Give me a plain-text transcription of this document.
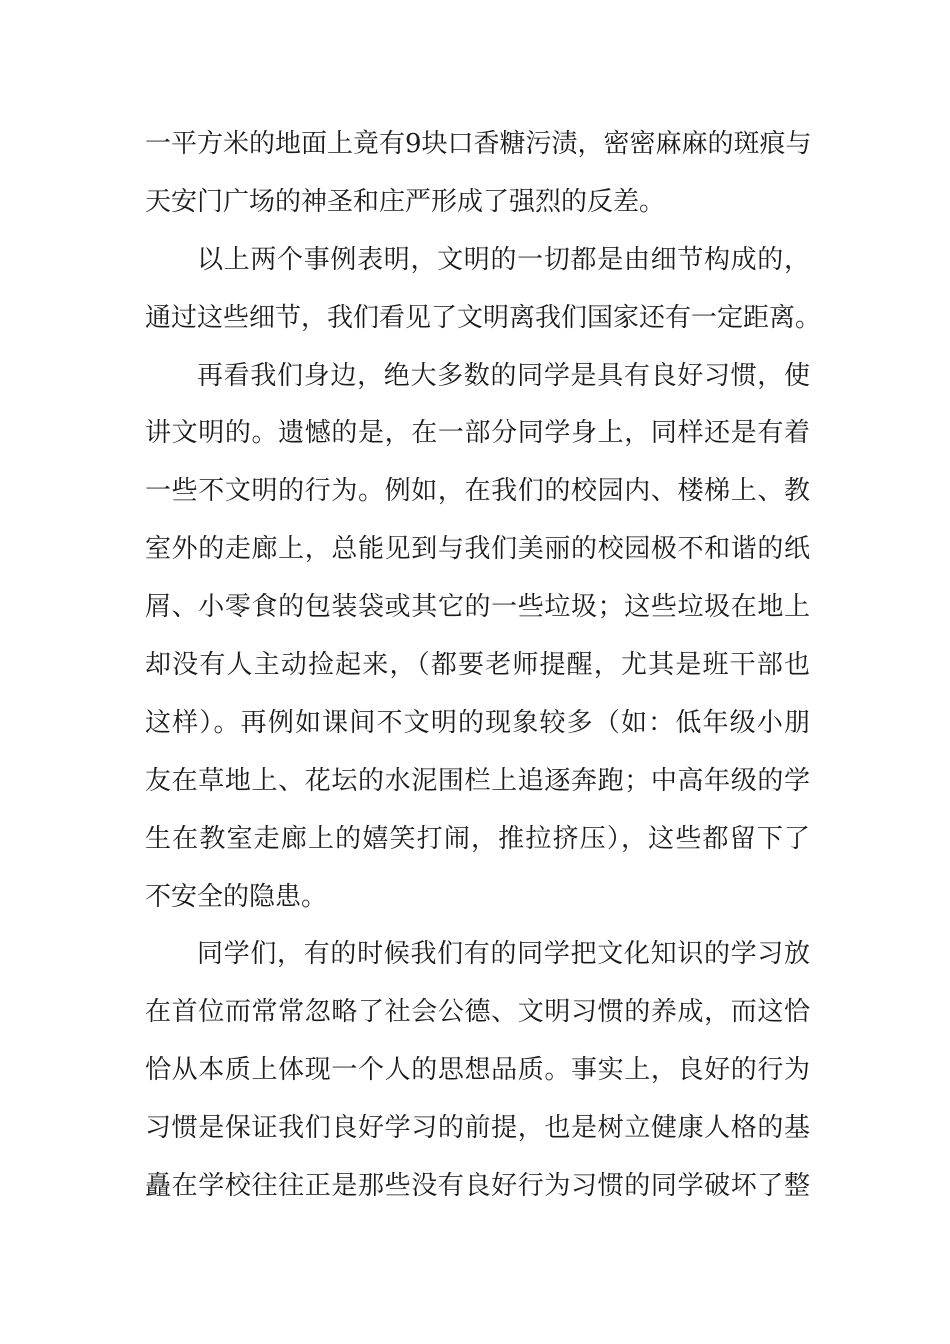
一平方米的地面上竟有9块口香糖污渍，密密麻麻的斑痕与
天安门广场的神圣和庄严形成了强烈的反差。
以上两个事例表明，文明的一切都是由细节构成的，
通过这些细节，我们看见了文明离我们国家还有一定距离。
再看我们身边，绝大多数的同学是具有良好习惯，使
讲文明的。遗憾的是，在一部分同学身上，同样还是有着
一些不文明的行为。例如，在我们的校园内、楼梯上、教
室外的走廊上，总能见到与我们美丽的校园极不和谐的纸
屑、小零食的包装袋或其它的一些垃圾；这些垃圾在地上
却没有人主动捡起来，（都要老师提醒，尤其是班干部也
这样）。再例如课间不文明的现象较多（如：低年级小朋
友在草地上、花坛的水泥围栏上追逐奔跑；中高年级的学
生在教室走廊上的嬉笑打闹，推拉挤压），这些都留下了
不安全的隐患。
同学们，有的时候我们有的同学把文化知识的学习放
在首位而常常忽略了社会公德、文明习惯的养成，而这恰
恰从本质上体现一个人的思想品质。事实上，良好的行为
习惯是保证我们良好学习的前提，也是树立健康人格的基
矗在学校往往正是那些没有良好行为习惯的同学破坏了整
